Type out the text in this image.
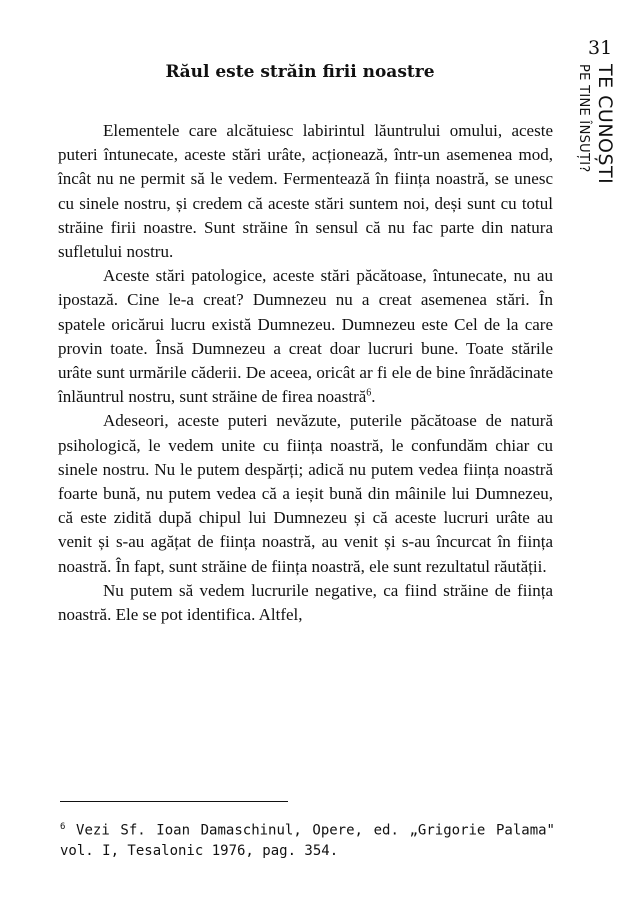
31
TE CUNOȘTI
PE TINE ÎNSUȚI?
Răul este străin firii noastre

Elementele care alcătuiesc labirintul lăuntrului omului, aceste puteri întunecate, aceste stări urâte, acționează, într-un asemenea mod, încât nu ne permit să le vedem. Fermentează în ființa noastră, se unesc cu sinele nostru, și credem că aceste stări suntem noi, deși sunt cu totul străine firii noastre. Sunt străine în sensul că nu fac parte din natura sufletului nostru.

Aceste stări patologice, aceste stări păcătoase, întunecate, nu au ipostază. Cine le-a creat? Dumnezeu nu a creat asemenea stări. În spatele oricărui lucru există Dumnezeu. Dumnezeu este Cel de la care provin toate. Însă Dumnezeu a creat doar lucruri bune. Toate stările urâte sunt urmările căderii. De aceea, oricât ar fi ele de bine înrădăcinate înlăuntrul nostru, sunt străine de firea noastră$^6$.

Adeseori, aceste puteri nevăzute, puterile păcătoase de natură psihologică, le vedem unite cu ființa noastră, le confundăm chiar cu sinele nostru. Nu le putem despărți; adică nu putem vedea ființa noastră foarte bună, nu putem vedea că a ieșit bună din mâinile lui Dumnezeu, că este zidită după chipul lui Dumnezeu și că aceste lucruri urâte au venit și s-au agățat de ființa noastră, au venit și s-au încurcat în ființa noastră. În fapt, sunt străine de ființa noastră, ele sunt rezultatul răutății.

Nu putem să vedem lucrurile negative, ca fiind străine de ființa noastră. Ele se pot identifica. Altfel,

$^6$ Vezi Sf. Ioan Damaschinul, Opere, ed. „Grigorie Palama" vol. I, Tesalonic 1976, pag. 354.
